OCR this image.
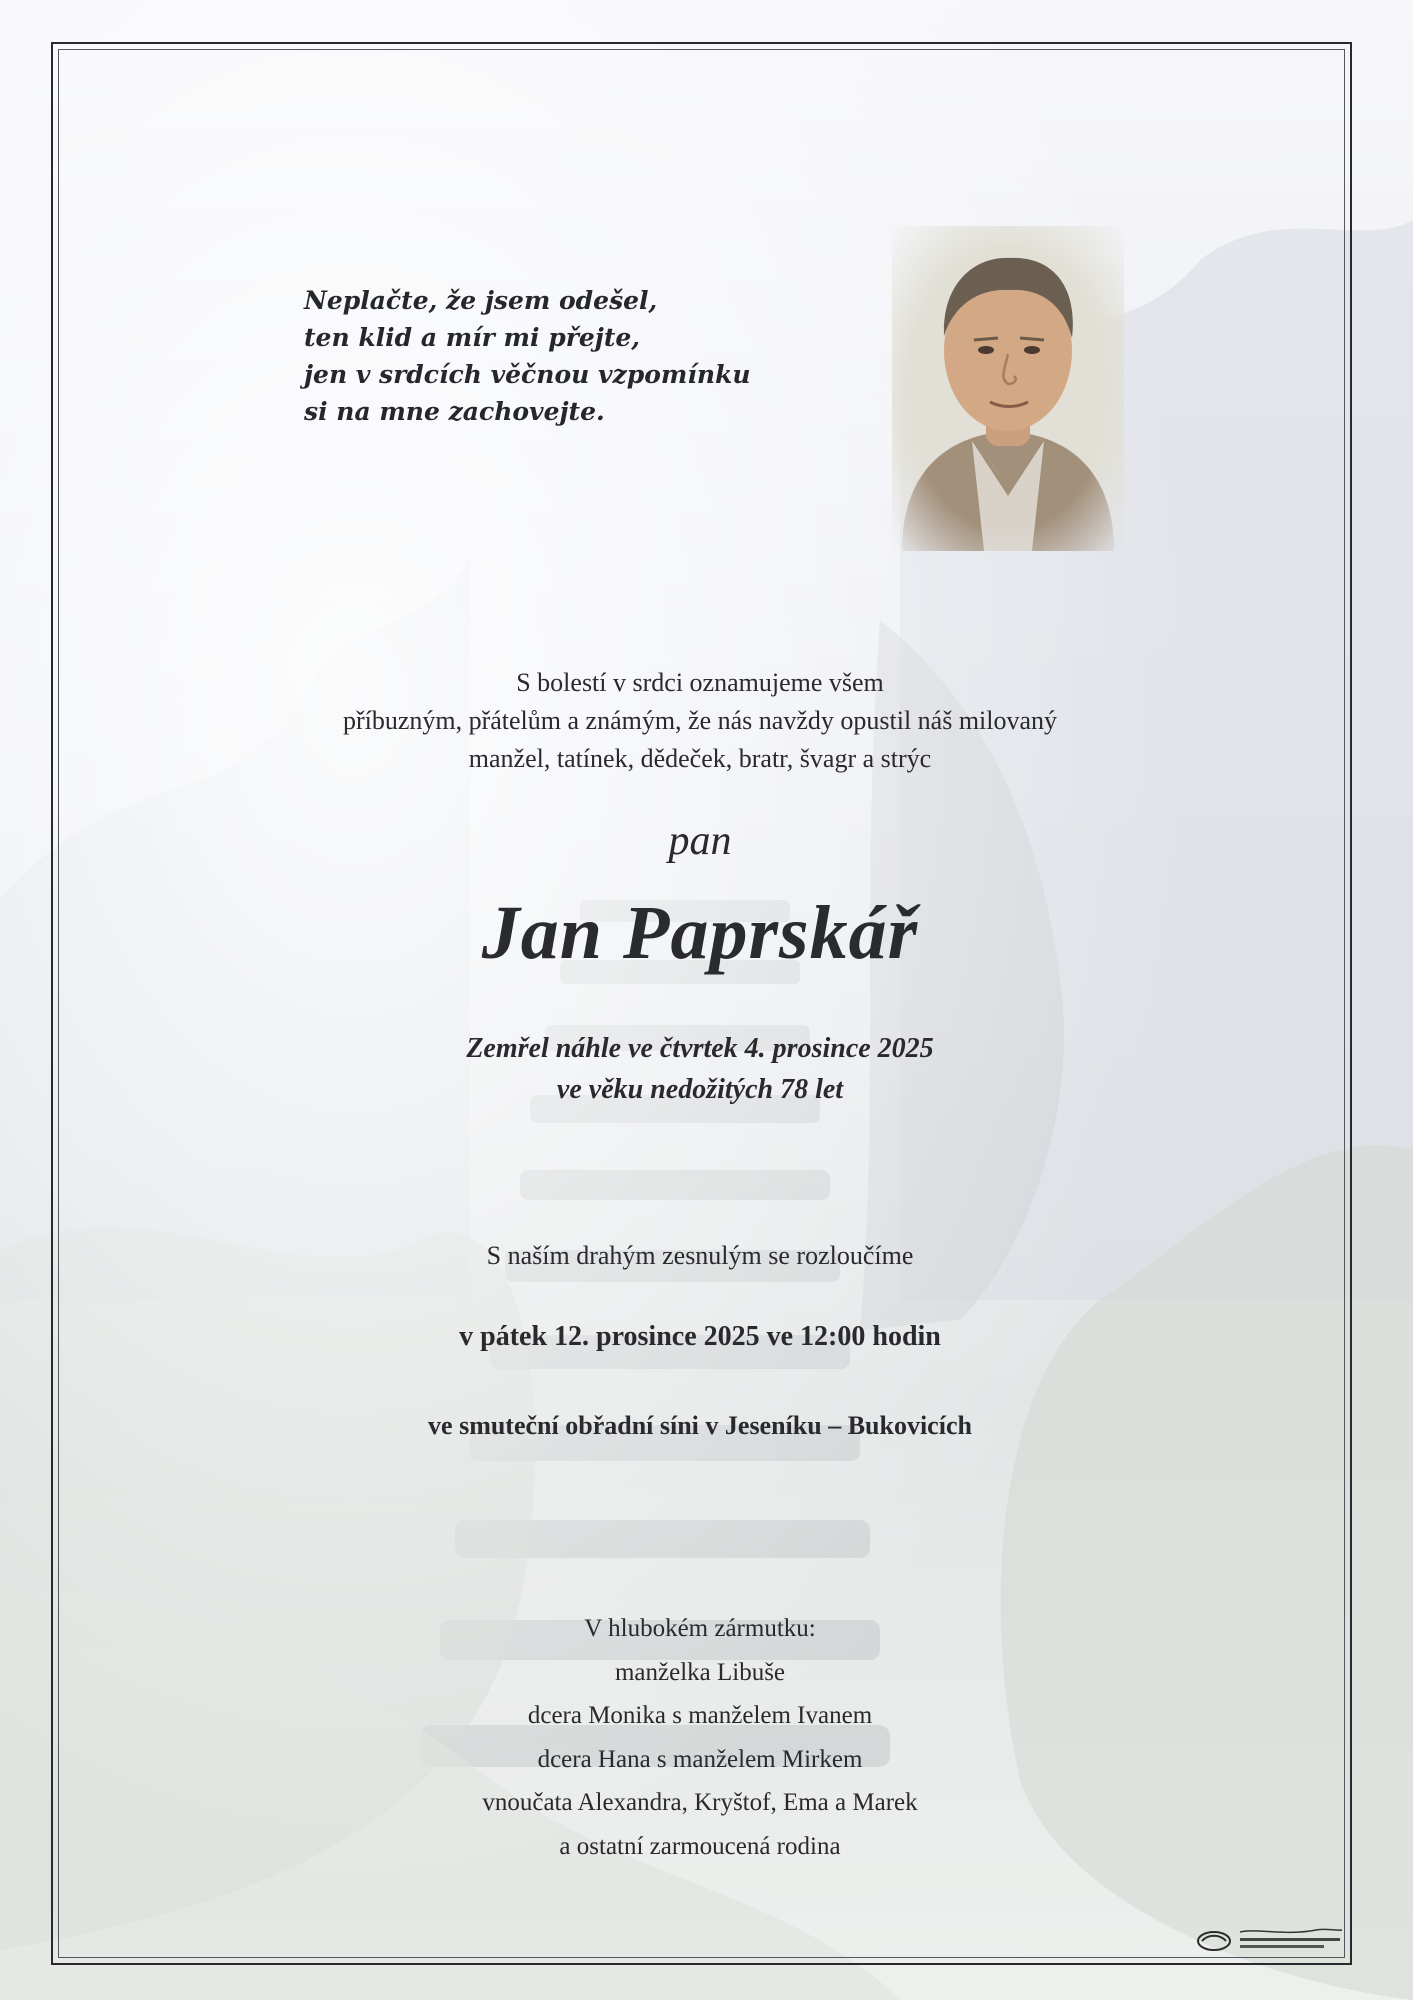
Neplačte, že jsem odešel,
ten klid a mír mi přejte,
jen v srdcích věčnou vzpomínku
si na mne zachovejte.
S bolestí v srdci oznamujeme všem
příbuzným, přátelům a známým, že nás navždy opustil náš milovaný
manžel, tatínek, dědeček, bratr, švagr a strýc
pan
Jan Paprskář
Zemřel náhle ve čtvrtek 4. prosince 2025
ve věku nedožitých 78 let
S naším drahým zesnulým se rozloučíme
v pátek 12. prosince 2025 ve 12:00 hodin
ve smuteční obřadní síni v Jeseníku – Bukovicích
V hlubokém zármutku:
manželka Libuše
dcera Monika s manželem Ivanem
dcera Hana s manželem Mirkem
vnoučata Alexandra, Kryštof, Ema a Marek
a ostatní zarmoucená rodina
